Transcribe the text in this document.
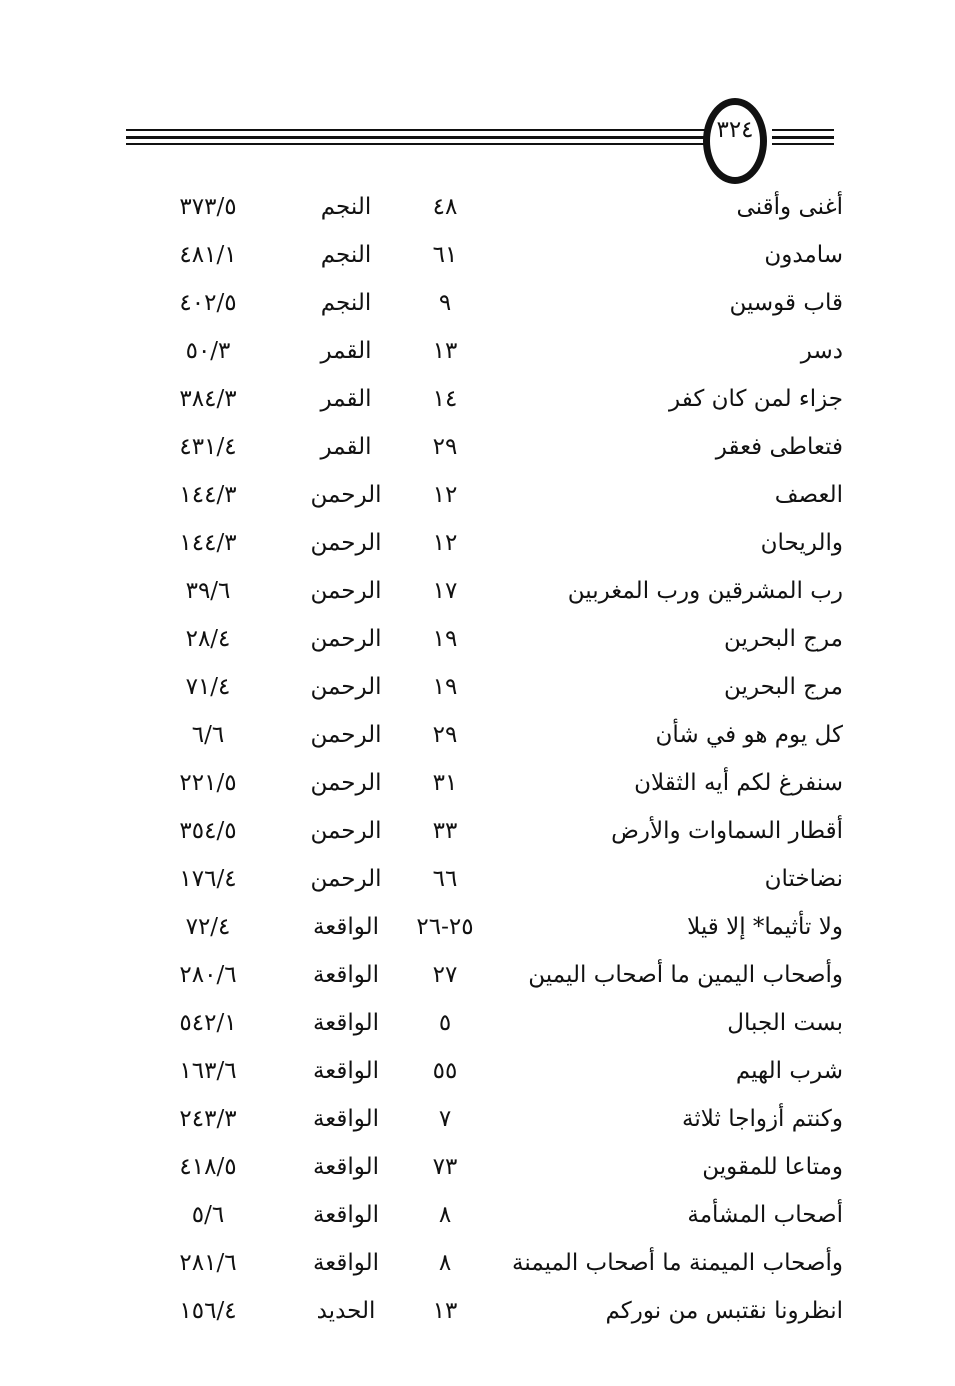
٣٢٤
أغنى وأقنى
٤٨
النجم
٣٧٣/٥
سامدون
٦١
النجم
٤٨١/١
قاب قوسين
٩
النجم
٤٠٢/٥
دسر
١٣
القمر
٥٠/٣
جزاء لمن كان كفر
١٤
القمر
٣٨٤/٣
فتعاطى فعقر
٢٩
القمر
٤٣١/٤
العصف
١٢
الرحمن
١٤٤/٣
والريحان
١٢
الرحمن
١٤٤/٣
رب المشرقين ورب المغربين
١٧
الرحمن
٣٩/٦
مرج البحرين
١٩
الرحمن
٢٨/٤
مرج البحرين
١٩
الرحمن
٧١/٤
كل يوم هو في شأن
٢٩
الرحمن
٦/٦
سنفرغ لكم أيه الثقلان
٣١
الرحمن
٢٢١/٥
أقطار السماوات والأرض
٣٣
الرحمن
٣٥٤/٥
نضاختان
٦٦
الرحمن
١٧٦/٤
ولا تأثيما* إلا قيلا
٢٥-٢٦
الواقعة
٧٢/٤
وأصحاب اليمين ما أصحاب اليمين
٢٧
الواقعة
٢٨٠/٦
بست الجبال
٥
الواقعة
٥٤٢/١
شرب الهيم
٥٥
الواقعة
١٦٣/٦
وكنتم أزواجا ثلاثة
٧
الواقعة
٢٤٣/٣
ومتاعا للمقوين
٧٣
الواقعة
٤١٨/٥
أصحاب المشأمة
٨
الواقعة
٥/٦
وأصحاب الميمنة ما أصحاب الميمنة
٨
الواقعة
٢٨١/٦
انظرونا نقتبس من نوركم
١٣
الحديد
١٥٦/٤
